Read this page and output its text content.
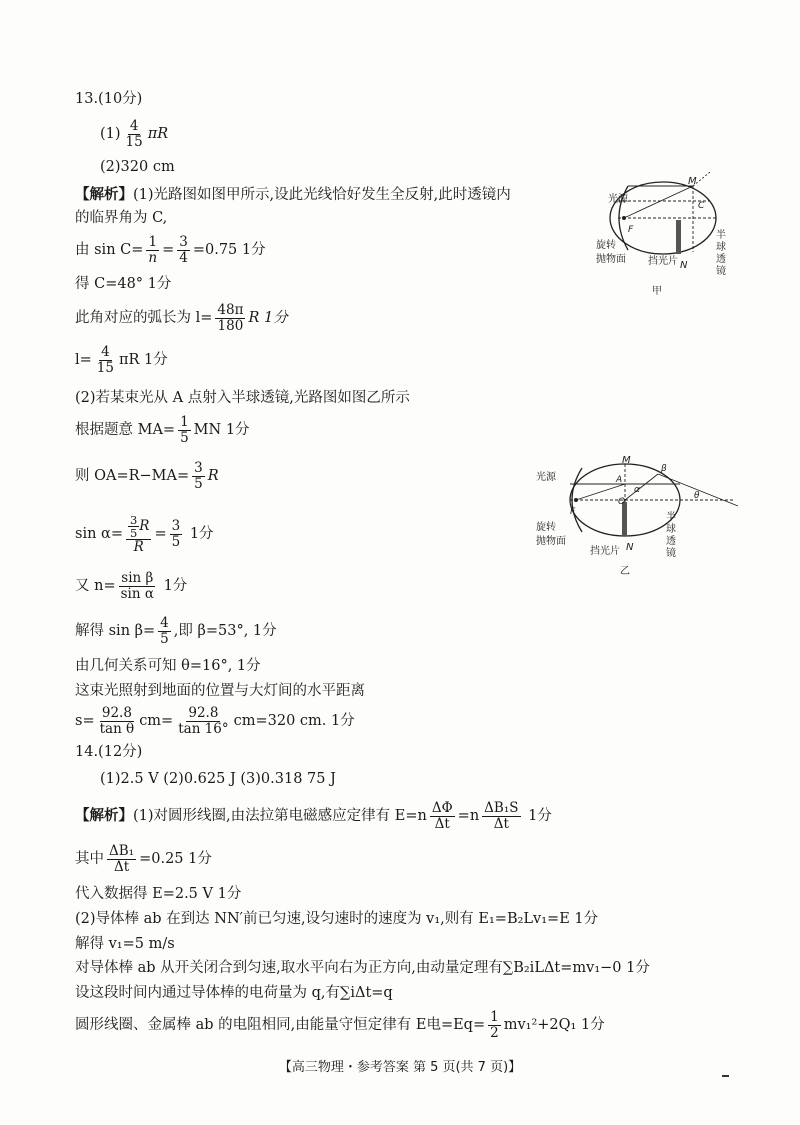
13.(10分)
$(1) \frac{4}{15}$ πR
(2)320 cm
【解析】(1)光路图如图甲所示,设此光线恰好发生全反射,此时透镜内
的临界角为 C,
由 $\sin C= \frac{1}{n} = \frac{3}{4} =0.75$ 1分
得 C=48° 1分
此角对应的弧长为 $l= \frac{48\pi}{180}$ R 1分
$l= \frac{4}{15}$ πR 1分
(2)若某束光从 A 点射入半球透镜,光路图如图乙所示
根据题意 $MA= \frac{1}{5}$ MN 1分
则 $OA=R-MA= \frac{3}{5}$ R
$\sin \alpha= \frac{\frac{3}{5} R}{R} = \frac{3}{5} 1$分
又 $n= \frac{\text{sin β}}{\text{sin α}} 1$分
解得 $\sin \beta= \frac{4}{5}$ ,即 β=53°, 1分
由几何关系可知 θ=16°, 1分
这束光照射到地面的位置与大灯间的水平距离
$s= \frac{92.8}{\text{tan θ}} cm= \frac{92.8}{\tan 16^\circ} cm=320$ cm. 1分
光源
M
C
F
旋转
抛物面 挡光片 N
半
球
透
镜
甲
光源
M
A
β
α
O
θ
F
旋转
抛物面
挡光片 N
半
球
透
镜
乙
14.(12分)
(1)2.5 V (2)0.625 J (3)0.318 75 J
【解析】(1)对圆形线圈,由法拉第电磁感应定律有 $E=n \frac{\Delta\Phi}{\Delta t} =n \frac{\text{ΔB₁S}}{\Delta t} 1$分
其中 $\frac{\text{ΔB₁}}{\Delta t} =0.25$ 1分
代入数据得 E=2.5 V 1分
(2)导体棒 ab 在到达 NN′前已匀速,设匀速时的速度为 v₁,则有 E₁=B₂Lv₁=E 1分
解得 v₁=5 m/s
对导体棒 ab 从开关闭合到匀速,取水平向右为正方向,由动量定理有∑B₂iLΔt=mv₁−0 1分
设这段时间内通过导体棒的电荷量为 q,有∑iΔt=q
圆形线圈、金属棒 ab 的电阻相同,由能量守恒定律有 E电$=Eq= \frac{1}{2} mv_1^2+2Q_1$ 1分
【高三物理・参考答案 第 5 页(共 7 页)】
